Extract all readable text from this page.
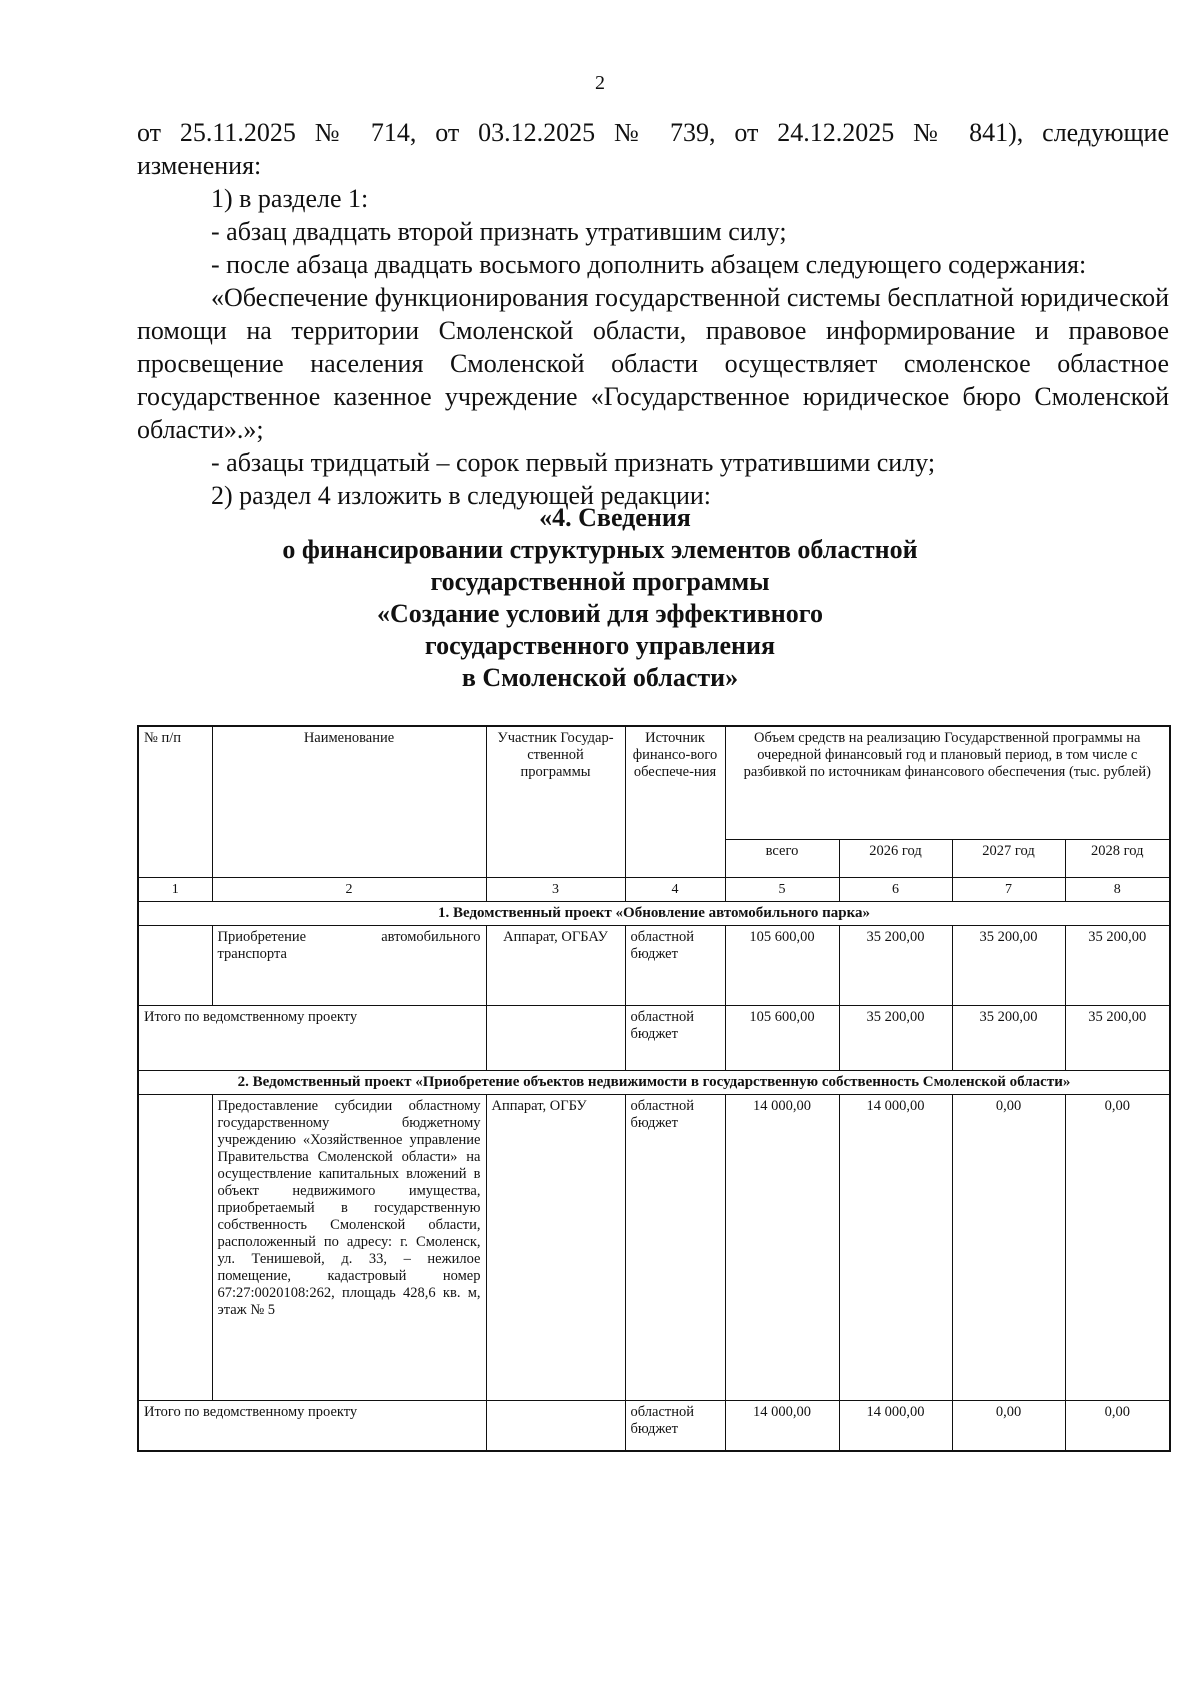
2

от 25.11.2025 № 714, от 03.12.2025 № 739, от 24.12.2025 № 841), следующие

изменения:

1) в разделе 1:

- абзац двадцать второй признать утратившим силу;

- после абзаца двадцать восьмого дополнить абзацем следующего содержания:

«Обеспечение функционирования государственной системы бесплатной юридической помощи на территории Смоленской области, правовое информирование и правовое просвещение населения Смоленской области осуществляет смоленское областное государственное казенное учреждение «Государственное юридическое бюро Смоленской области».»;

- абзацы тридцатый – сорок первый признать утратившими силу;

2) раздел 4 изложить в следующей редакции:

«4. Сведения
о финансировании структурных элементов областной
государственной программы
«Создание условий для эффективного
государственного управления
в Смоленской области»
№ п/п	Наименование	Участник Государ-ственной программы	Источник финансо-вого обеспече-ния	Объем средств на реализацию Государственной программы на очередной финансовый год и плановый период, в том числе с разбивкой по источникам финансового обеспечения (тыс. рублей)			
				всего	2026 год	2027 год	2028 год
1	2	3	4	5	6	7	8
1. Ведомственный проект «Обновление автомобильного парка»							
	Приобретение автомобильного транспорта	Аппарат, ОГБАУ	областной бюджет	105 600,00	35 200,00	35 200,00	35 200,00
Итого по ведомственному проекту			областной бюджет	105 600,00	35 200,00	35 200,00	35 200,00
2. Ведомственный проект «Приобретение объектов недвижимости в государственную собственность Смоленской области»							
	Предоставление субсидии областному государственному бюджетному учреждению «Хозяйственное управление Правительства Смоленской области» на осуществление капитальных вложений в объект недвижимого имущества, приобретаемый в государственную собственность Смоленской области, расположенный по адресу: г. Смоленск, ул. Тенишевой, д. 33, – нежилое помещение, кадастровый номер 67:27:0020108:262, площадь 428,6 кв. м, этаж № 5	Аппарат, ОГБУ	областной бюджет	14 000,00	14 000,00	0,00	0,00
Итого по ведомственному проекту			областной бюджет	14 000,00	14 000,00	0,00	0,00
